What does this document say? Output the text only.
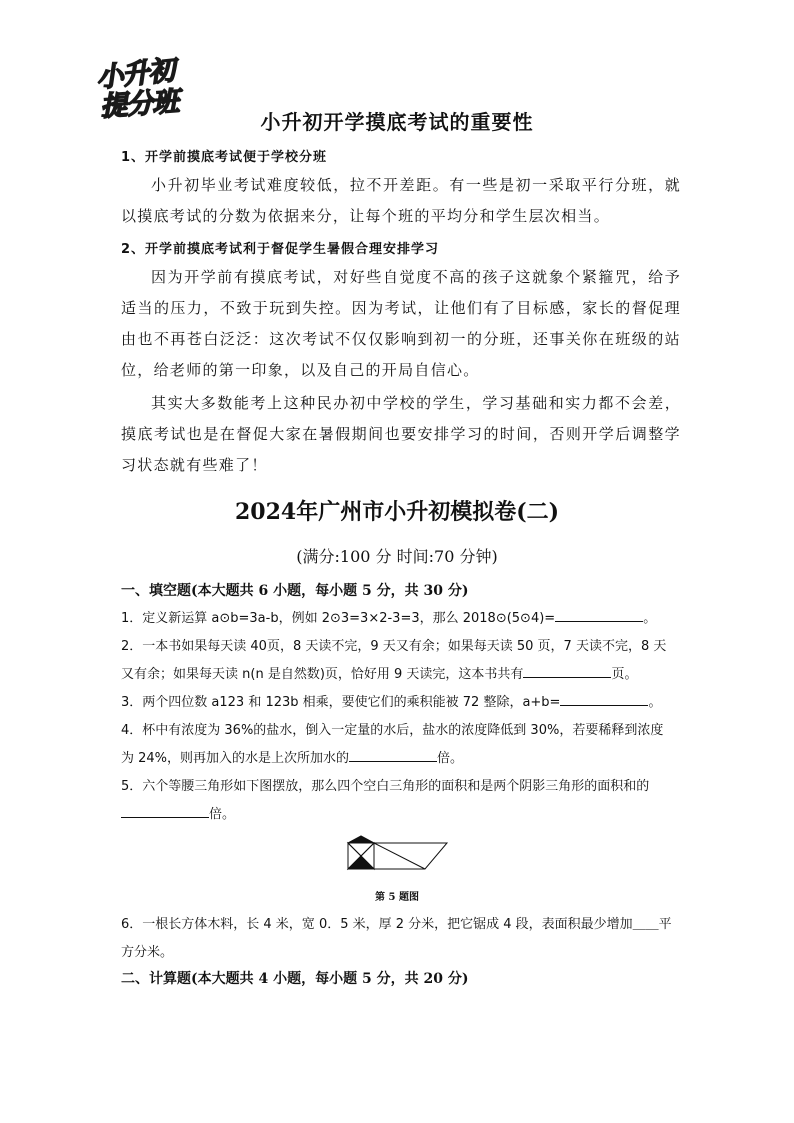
小升初
提分班	小升初开学摸底考试的重要性
1、开学前摸底考试便于学校分班
小升初毕业考试难度较低，拉不开差距。有一些是初一采取平行分班，就以摸底考试的分数为依据来分，让每个班的平均分和学生层次相当。
2、开学前摸底考试利于督促学生暑假合理安排学习
因为开学前有摸底考试，对好些自觉度不高的孩子这就象个紧箍咒，给予适当的压力，不致于玩到失控。因为考试，让他们有了目标感，家长的督促理由也不再苍白泛泛：这次考试不仅仅影响到初一的分班，还事关你在班级的站位，给老师的第一印象，以及自己的开局自信心。
其实大多数能考上这种民办初中学校的学生，学习基础和实力都不会差，摸底考试也是在督促大家在暑假期间也要安排学习的时间，否则开学后调整学习状态就有些难了！
2024年广州市小升初模拟卷(二)
(满分:100 分 时间:70 分钟)
一、填空题(本大题共 6 小题，每小题 5 分，共 30 分)
1．定义新运算 a⊙b=3a-b，例如 2⊙3=3×2-3=3，那么 2018⊙(5⊙4)=	。
2．一本书如果每天读 40页，8 天读不完，9 天又有余；如果每天读 50 页，7 天读不完，8 天又有余；如果每天读 n(n 是自然数)页，恰好用 9 天读完，这本书共有	页。
3．两个四位数 a123 和 123b 相乘，要使它们的乘积能被 72 整除，a+b=	。
4．杯中有浓度为 36%的盐水，倒入一定量的水后，盐水的浓度降低到 30%，若要稀释到浓度为 24%，则再加入的水是上次所加水的	倍。
5．六个等腰三角形如下图摆放，那么四个空白三角形的面积和是两个阴影三角形的面积和的倍。
第 5 题图
6．一根长方体木料，长 4 米，宽 0．5 米，厚 2 分米，把它锯成 4 段，表面积最少增加＿＿平方分米。
二、计算题(本大题共 4 小题，每小题 5 分，共 20 分)
